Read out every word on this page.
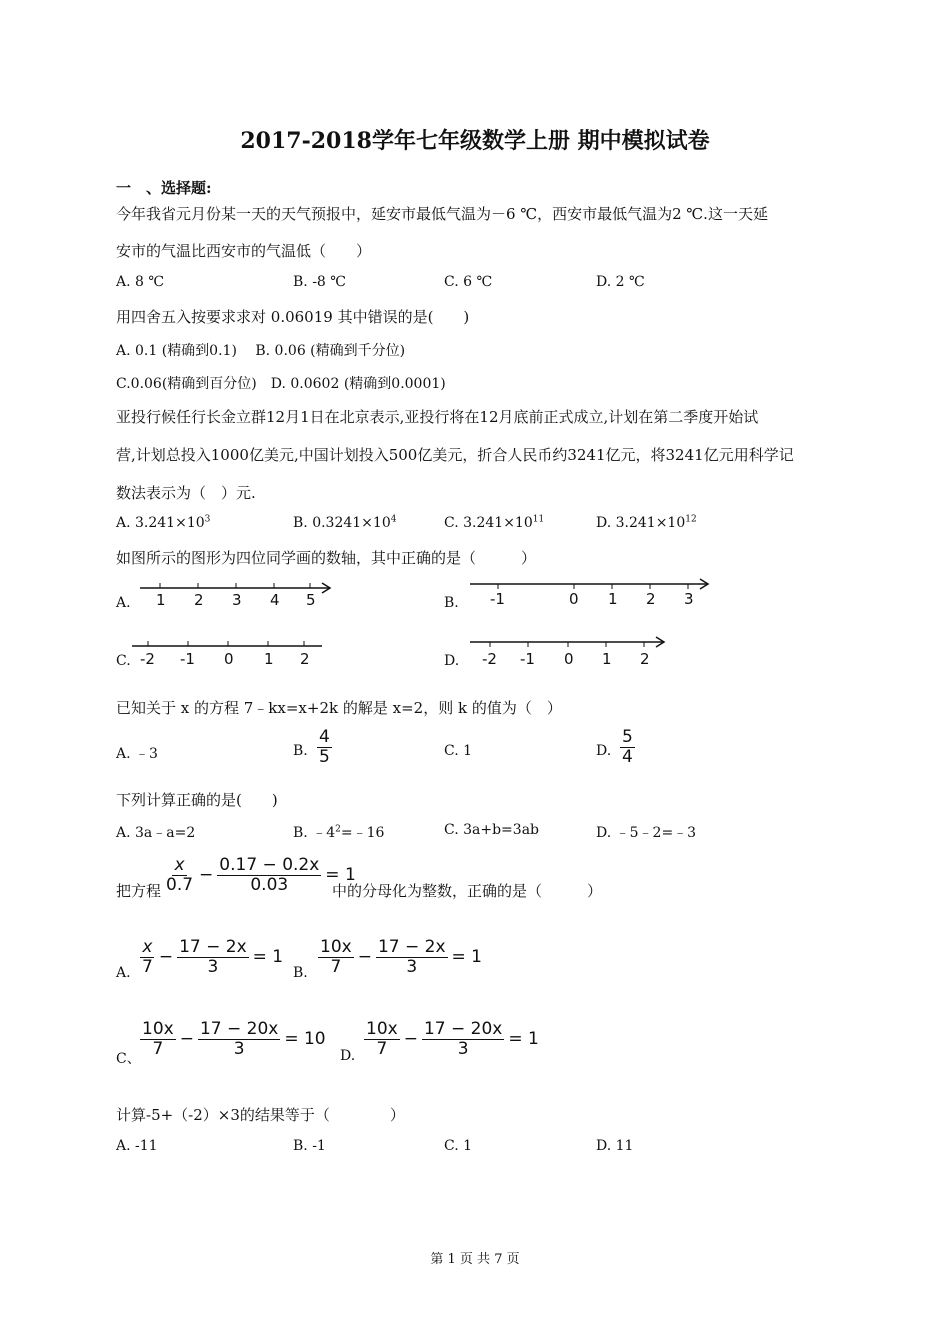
2017-2018学年七年级数学上册 期中模拟试卷
一　、选择题:
今年我省元月份某一天的天气预报中，延安市最低气温为－6 ℃，西安市最低气温为2 ℃.这一天延
安市的气温比西安市的气温低（　　）
A. 8 ℃	B. -8 ℃	C. 6 ℃	D. 2 ℃
用四舍五入按要求求对 0.06019 其中错误的是(　　)
A. 0.1 (精确到0.1)　 B. 0.06 (精确到千分位)
C.0.06(精确到百分位)　D. 0.0602 (精确到0.0001)
亚投行候任行长金立群12月1日在北京表示,亚投行将在12月底前正式成立,计划在第二季度开始试
营,计划总投入1000亿美元,中国计划投入500亿美元，折合人民币约3241亿元，将3241亿元用科学记
数法表示为（　）元.
A. $3.241\times 10^3$	B. $0.3241\times 10^4$	C. $3.241\times 10^{11}$	D. $3.241\times 10^{12}$
如图所示的图形为四位同学画的数轴，其中正确的是（　　　）
A. 1 2 3 4 5	B. -1	0 1 2 3
C. -2 -1 0 1 2	D. -2 -1 0 1 2
已知关于 x 的方程 7﹣kx=x+2k 的解是 x=2，则 k 的值为（　）
A. ﹣3	B. $\frac{4}{5}$	C. 1	D. $\frac{5}{4}$
下列计算正确的是(　　)
A. 3a﹣a=2	B. $﹣4^2=﹣16$	C. 3a+b=3ab	D. ﹣5﹣2=﹣3
把方程 $\frac{x}{0.7} - \frac{0.17 - 0.2x}{0.03} = 1$
中的分母化为整数，正确的是（　　　）
A. $\frac{x}{7} - \frac{17 - 2x}{3} = 1$
B. $\frac{10x}{7} - \frac{17 - 2x}{3} = 1$
C、
$\frac{10x}{7} - \frac{17 - 20x}{3} = 10$
D. $\frac{10x}{7} - \frac{17 - 20x}{3} = 1$
计算-5+（-2）×3的结果等于（　　　　）
A. -11	B. -1	C. 1	D. 11
第 1 页 共 7 页
